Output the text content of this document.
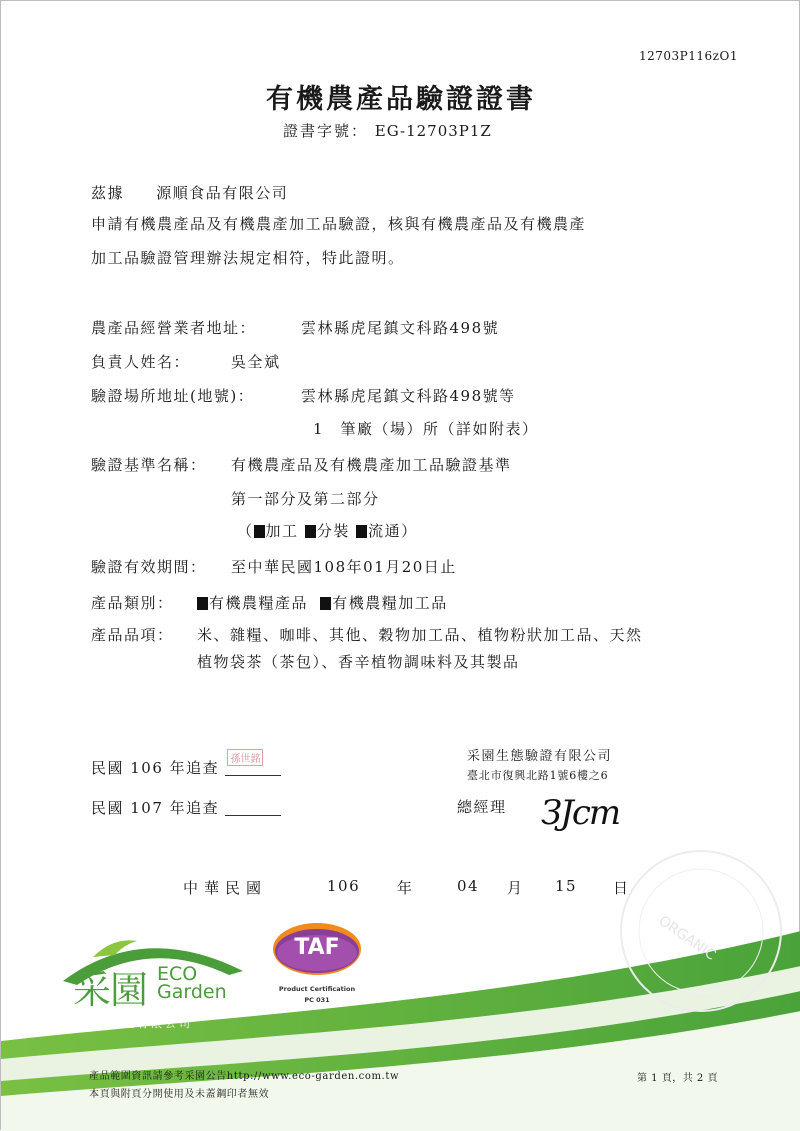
ORGANIC
12703P116zO1
有機農產品驗證證書
證書字號： EG-12703P1Z
茲據 源順食品有限公司
申請有機農產品及有機農產加工品驗證，核與有機農產品及有機農產
加工品驗證管理辦法規定相符，特此證明。
農產品經營業者地址：	雲林縣虎尾鎮文科路498號
負責人姓名：	吳全斌
驗證場所地址(地號)：	雲林縣虎尾鎮文科路498號等
1　筆廠（場）所（詳如附表）
驗證基準名稱： 有機農產品及有機農產加工品驗證基準
第一部分及第二部分
（ 加工 分裝 流通）
驗證有效期間： 至中華民國108年01月20日止
產品類別：	有機農糧產品 有機農糧加工品
產品品項： 米、雜糧、咖啡、其他、穀物加工品、植物粉狀加工品、天然
植物袋茶（茶包）、香辛植物調味料及其製品
民國 106 年追查	孫世銘
民國 107 年追查
采園生態驗證有限公司
臺北市復興北路1號6樓之6
總經理 ЗJcm
中華民國	106 年	04 月 15 日
采園 ECO
Garden
生態驗證有限公司
TAF
Product Certification
PC 031
產品範圍資訊請參考采園公告http://www.eco-garden.com.tw
本頁與附頁分開使用及未蓋鋼印者無效
第 1 頁，共 2 頁
